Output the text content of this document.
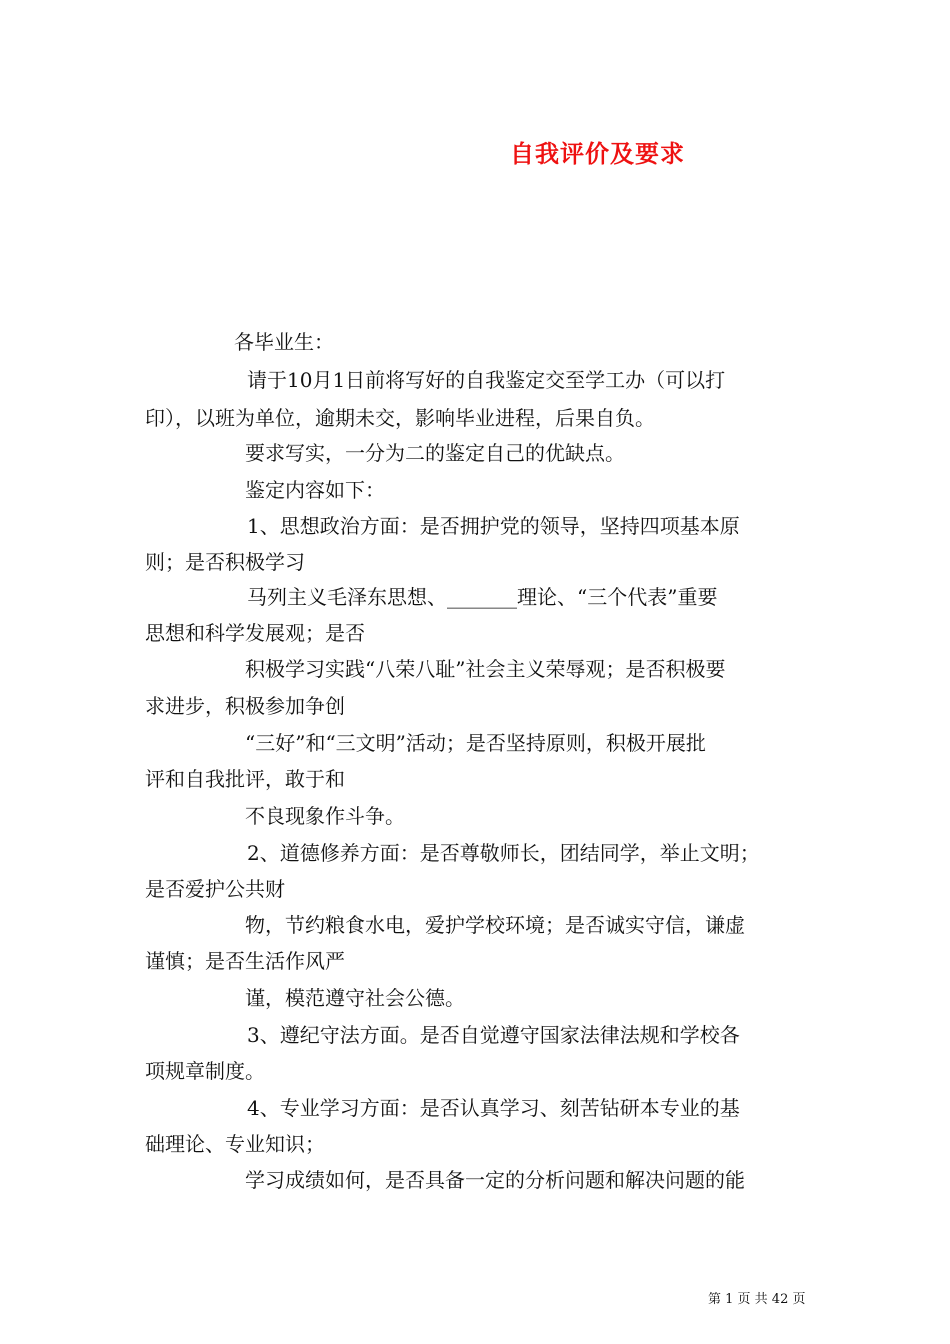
自我评价及要求
各毕业生：
请于10月1日前将写好的自我鉴定交至学工办（可以打
印），以班为单位，逾期未交，影响毕业进程，后果自负。
要求写实，一分为二的鉴定自己的优缺点。
鉴定内容如下：
1、思想政治方面：是否拥护党的领导，坚持四项基本原
则；是否积极学习
马列主义毛泽东思想、_______理论、“三个代表”重要
思想和科学发展观；是否
积极学习实践“八荣八耻”社会主义荣辱观；是否积极要
求进步，积极参加争创
“三好”和“三文明”活动；是否坚持原则，积极开展批
评和自我批评，敢于和
不良现象作斗争。
2、道德修养方面：是否尊敬师长，团结同学，举止文明；
是否爱护公共财
物，节约粮食水电，爱护学校环境；是否诚实守信，谦虚
谨慎；是否生活作风严
谨，模范遵守社会公德。
3、遵纪守法方面。是否自觉遵守国家法律法规和学校各
项规章制度。
4、专业学习方面：是否认真学习、刻苦钻研本专业的基
础理论、专业知识；
学习成绩如何，是否具备一定的分析问题和解决问题的能
第 1 页 共 42 页
